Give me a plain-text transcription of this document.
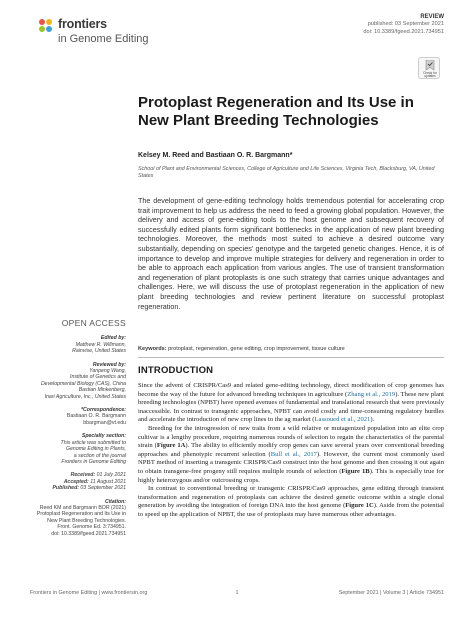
frontiers
in Genome Editing
REVIEW
published: 03 September 2021
doi: 10.3389/fgeed.2021.734951
Check for updates
Protoplast Regeneration and Its Use in New Plant Breeding Technologies
Kelsey M. Reed and Bastiaan O. R. Bargmann*
School of Plant and Environmental Sciences, College of Agriculture and Life Sciences, Virginia Tech, Blacksburg, VA, United States
The development of gene-editing technology holds tremendous potential for accelerating crop trait improvement to help us address the need to feed a growing global population. However, the delivery and access of gene-editing tools to the host genome and subsequent recovery of successfully edited plants form significant bottlenecks in the application of new plant breeding technologies. Moreover, the methods most suited to achieve a desired outcome vary substantially, depending on species' genotype and the targeted genetic changes. Hence, it is of importance to develop and improve multiple strategies for delivery and regeneration in order to be able to approach each application from various angles. The use of transient transformation and regeneration of plant protoplasts is one such strategy that carries unique advantages and challenges. Here, we will discuss the use of protoplast regeneration in the application of new plant breeding technologies and review pertinent literature on successful protoplast regeneration.
Keywords: protoplast, regeneration, gene editing, crop improvement, tissue culture
INTRODUCTION

Since the advent of CRISPR/Cas9 and related gene-editing technology, direct modification of crop genomes has become the way of the future for advanced breeding techniques in agriculture (Zhang et al., 2019). These new plant breeding technologies (NPBT) have opened avenues of fundamental and translational research that were previously inaccessible. In contrast to transgenic approaches, NPBT can avoid costly and time-consuming regulatory hurdles and accelerate the introduction of new crop lines to the ag market (Lassoued et al., 2021).

Breeding for the introgression of new traits from a wild relative or mutagenized population into an elite crop cultivar is a lengthy procedure, requiring numerous rounds of selection to regain the characteristics of the parental strain (Figure 1A). The ability to efficiently modify crop genes can save several years over conventional breeding approaches and phenotypic recurrent selection (Bull et al., 2017). However, the current most commonly used NPBT method of inserting a transgenic CRISPR/Cas9 construct into the host genome and then crossing it out again to obtain transgene-free progeny still requires multiple rounds of selection (Figure 1B). This is especially true for highly heterozygous and/or outcrossing crops.

In contrast to conventional breeding or transgenic CRISPR/Cas9 approaches, gene editing through transient transformation and regeneration of protoplasts can achieve the desired genetic outcome within a single clonal generation by avoiding the integration of foreign DNA into the host genome (Figure 1C). Aside from the potential to speed up the application of NPBT, the use of protoplasts may have numerous other advantages.

OPEN ACCESS
Edited by:
Matthew R. Willmann,
Rainvise, United States
Reviewed by:
Yanpeng Wang,
Institute of Genetics and
Developmental Biology (CAS), China
Bastian Minkenberg,
Inari Agriculture, Inc., United States
*Correspondence:
Bastiaan O. R. Bargmann
bbargman@vt.edu
Specialty section:
This article was submitted to
Genome Editing in Plants,
a section of the journal
Frontiers in Genome Editing
Received: 01 July 2021
Accepted: 11 August 2021
Published: 03 September 2021
Citation:
Reed KM and Bargmann BOR (2021)
Protoplast Regeneration and Its Use in
New Plant Breeding Technologies.
Front. Genome Ed. 3:734951.
doi: 10.3389/fgeed.2021.734951
Frontiers in Genome Editing | www.frontiersin.org	1	September 2021 | Volume 3 | Article 734951
